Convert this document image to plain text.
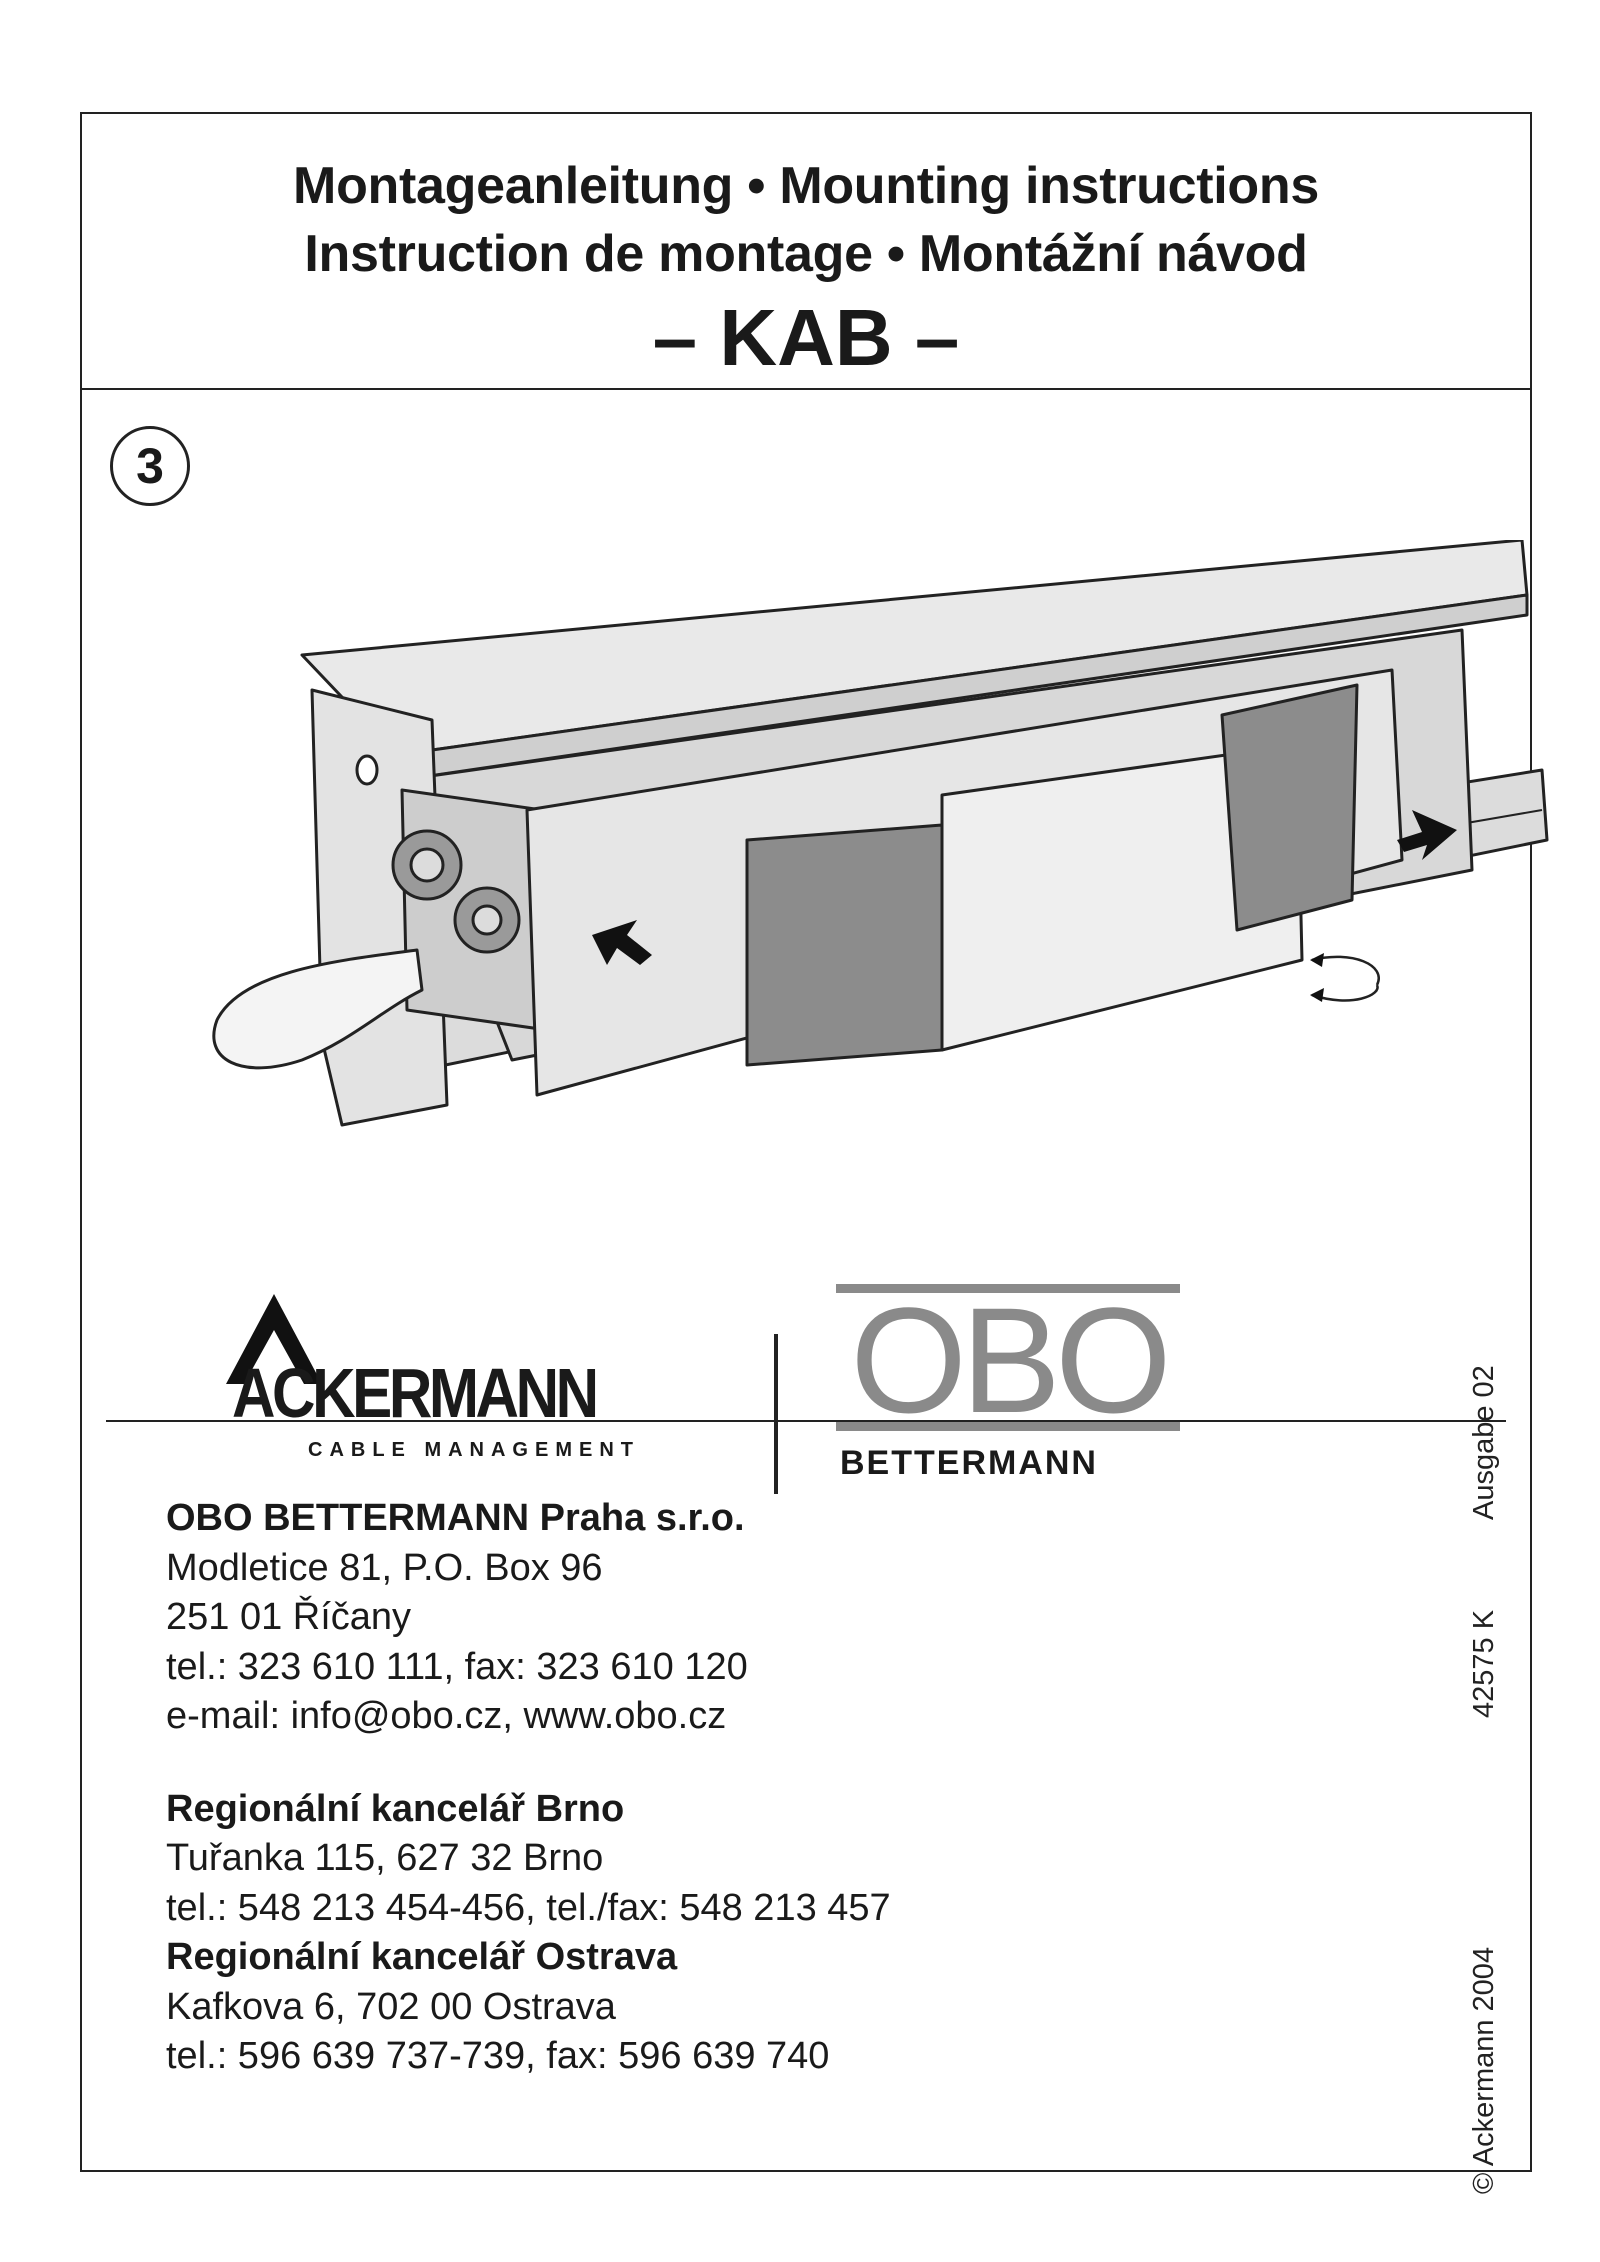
Montageanleitung • Mounting instructions
Instruction de montage • Montážní návod
– KAB –
3
ACKERMANN
CABLE MANAGEMENT
OBO
BETTERMANN
OBO BETTERMANN Praha s.r.o.
Modletice 81, P.O. Box 96
251 01 Říčany
tel.: 323 610 111, fax: 323 610 120
e-mail: info@obo.cz, www.obo.cz
Regionální kancelář Brno
Tuřanka 115, 627 32 Brno
tel.: 548 213 454-456, tel./fax: 548 213 457
Regionální kancelář Ostrava
Kafkova 6, 702 00 Ostrava
tel.: 596 639 737-739, fax: 596 639 740
Ausgabe 02
42575 K
© Ackermann 2004
